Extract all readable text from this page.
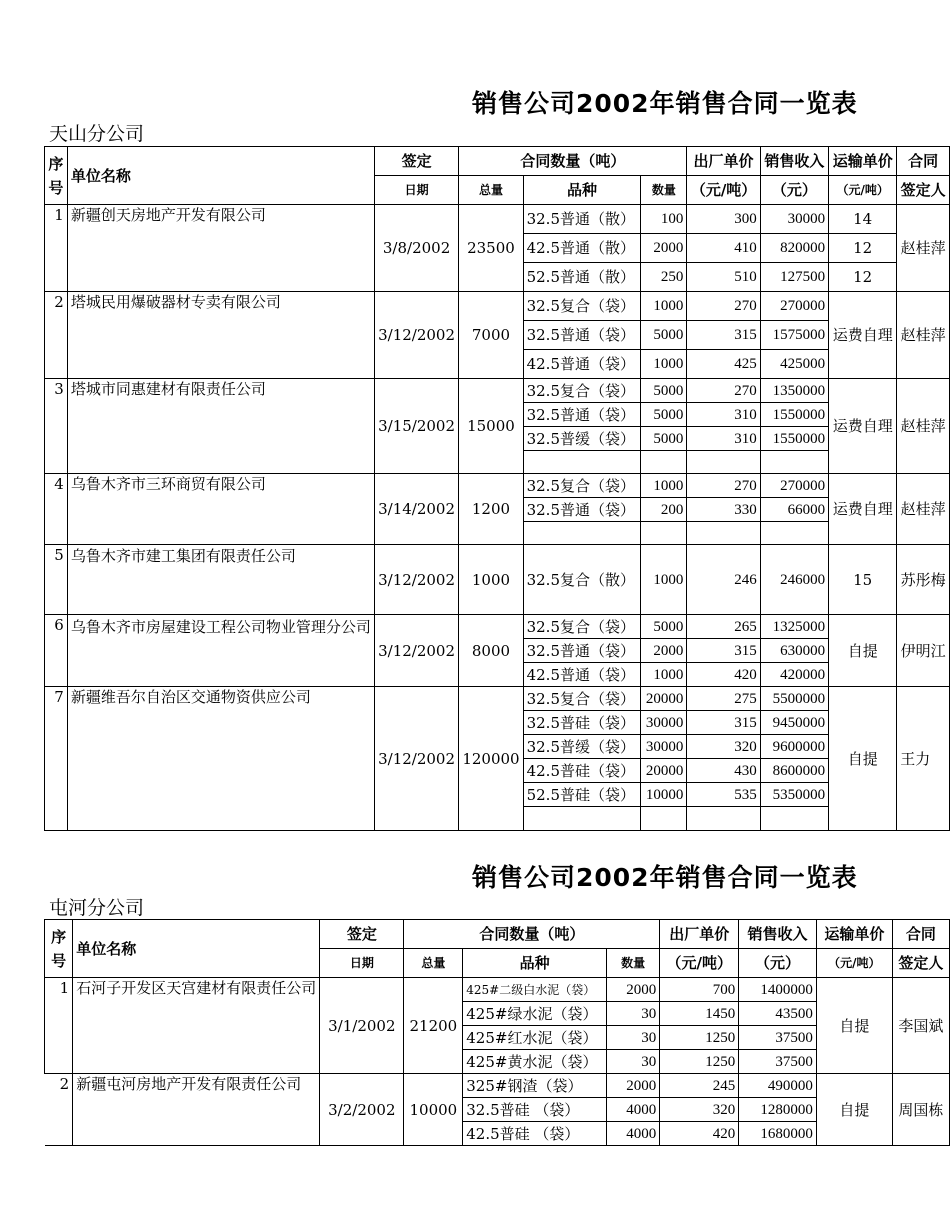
销售公司2002年销售合同一览表
天山分公司
序
号	单位名称	签定	合同数量（吨）			出厂单价	销售收入	运输单价	合同
		日期	总量	品种	数量	（元/吨）	（元）	（元/吨）	签定人
1	新疆创天房地产开发有限公司	3/8/2002	23500	32.5普通（散）	100	300	30000	14	赵桂萍
				42.5普通（散）	2000	410	820000	12	
				52.5普通（散）	250	510	127500	12	
2	塔城民用爆破器材专卖有限公司	3/12/2002	7000	32.5复合（袋）	1000	270	270000	运费自理	赵桂萍
				32.5普通（袋）	5000	315	1575000		
				42.5普通（袋）	1000	425	425000		
3	塔城市同惠建材有限责任公司	3/15/2002	15000	32.5复合（袋）	5000	270	1350000	运费自理	赵桂萍
				32.5普通（袋）	5000	310	1550000		
				32.5普缓（袋）	5000	310	1550000		

4	乌鲁木齐市三环商贸有限公司	3/14/2002	1200	32.5复合（袋）	1000	270	270000	运费自理	赵桂萍
				32.5普通（袋）	200	330	66000		

5	乌鲁木齐市建工集团有限责任公司	3/12/2002	1000	32.5复合（散）	1000	246	246000	15	苏彤梅
6	乌鲁木齐市房屋建设工程公司物业管理分公司	3/12/2002	8000	32.5复合（袋）	5000	265	1325000	自提	伊明江
				32.5普通（袋）	2000	315	630000		
				42.5普通（袋）	1000	420	420000		
7	新疆维吾尔自治区交通物资供应公司	3/12/2002	120000	32.5复合（袋）	20000	275	5500000	自提	王力
				32.5普硅（袋）	30000	315	9450000		
				32.5普缓（袋）	30000	320	9600000		
				42.5普硅（袋）	20000	430	8600000		
				52.5普硅（袋）	10000	535	5350000		

销售公司2002年销售合同一览表
屯河分公司
序
号	单位名称	签定	合同数量（吨）			出厂单价	销售收入	运输单价	合同
		日期	总量	品种	数量	（元/吨）	（元）	（元/吨）	签定人
1	石河子开发区天宫建材有限责任公司	3/1/2002	21200	425#二级白水泥（袋）	2000	700	1400000	自提	李国斌
				425#绿水泥（袋）	30	1450	43500		
				425#红水泥（袋）	30	1250	37500		
				425#黄水泥（袋）	30	1250	37500		
2	新疆屯河房地产开发有限责任公司	3/2/2002	10000	325#钢渣（袋）	2000	245	490000	自提	周国栋
				32.5普硅 （袋）	4000	320	1280000		
				42.5普硅 （袋）	4000	420	1680000		
